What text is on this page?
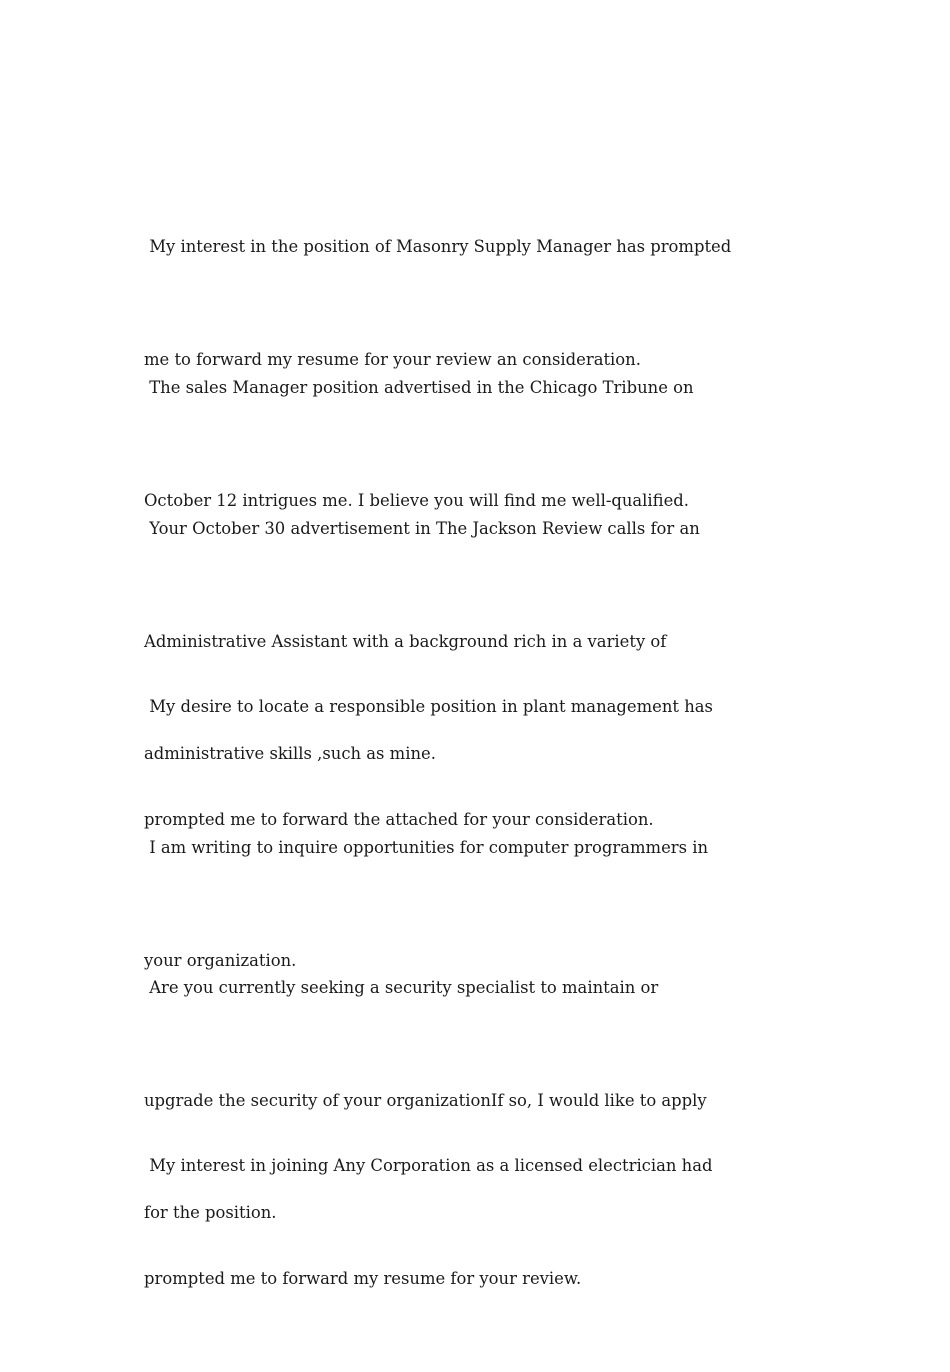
My interest in the position of Masonry Supply Manager has prompted

me to forward my resume for your review an consideration.

The sales Manager position advertised in the Chicago Tribune on

October 12 intrigues me. I believe you will find me well-qualified.

Your October 30 advertisement in The Jackson Review calls for an

Administrative Assistant with a background rich in a variety of

administrative skills ,such as mine.

My desire to locate a responsible position in plant management has

prompted me to forward the attached for your consideration.

I am writing to inquire opportunities for computer programmers in

your organization.

Are you currently seeking a security specialist to maintain or

upgrade the security of your organizationIf so, I would like to apply

for the position.

My interest in joining Any Corporation as a licensed electrician had

prompted me to forward my resume for your review.
